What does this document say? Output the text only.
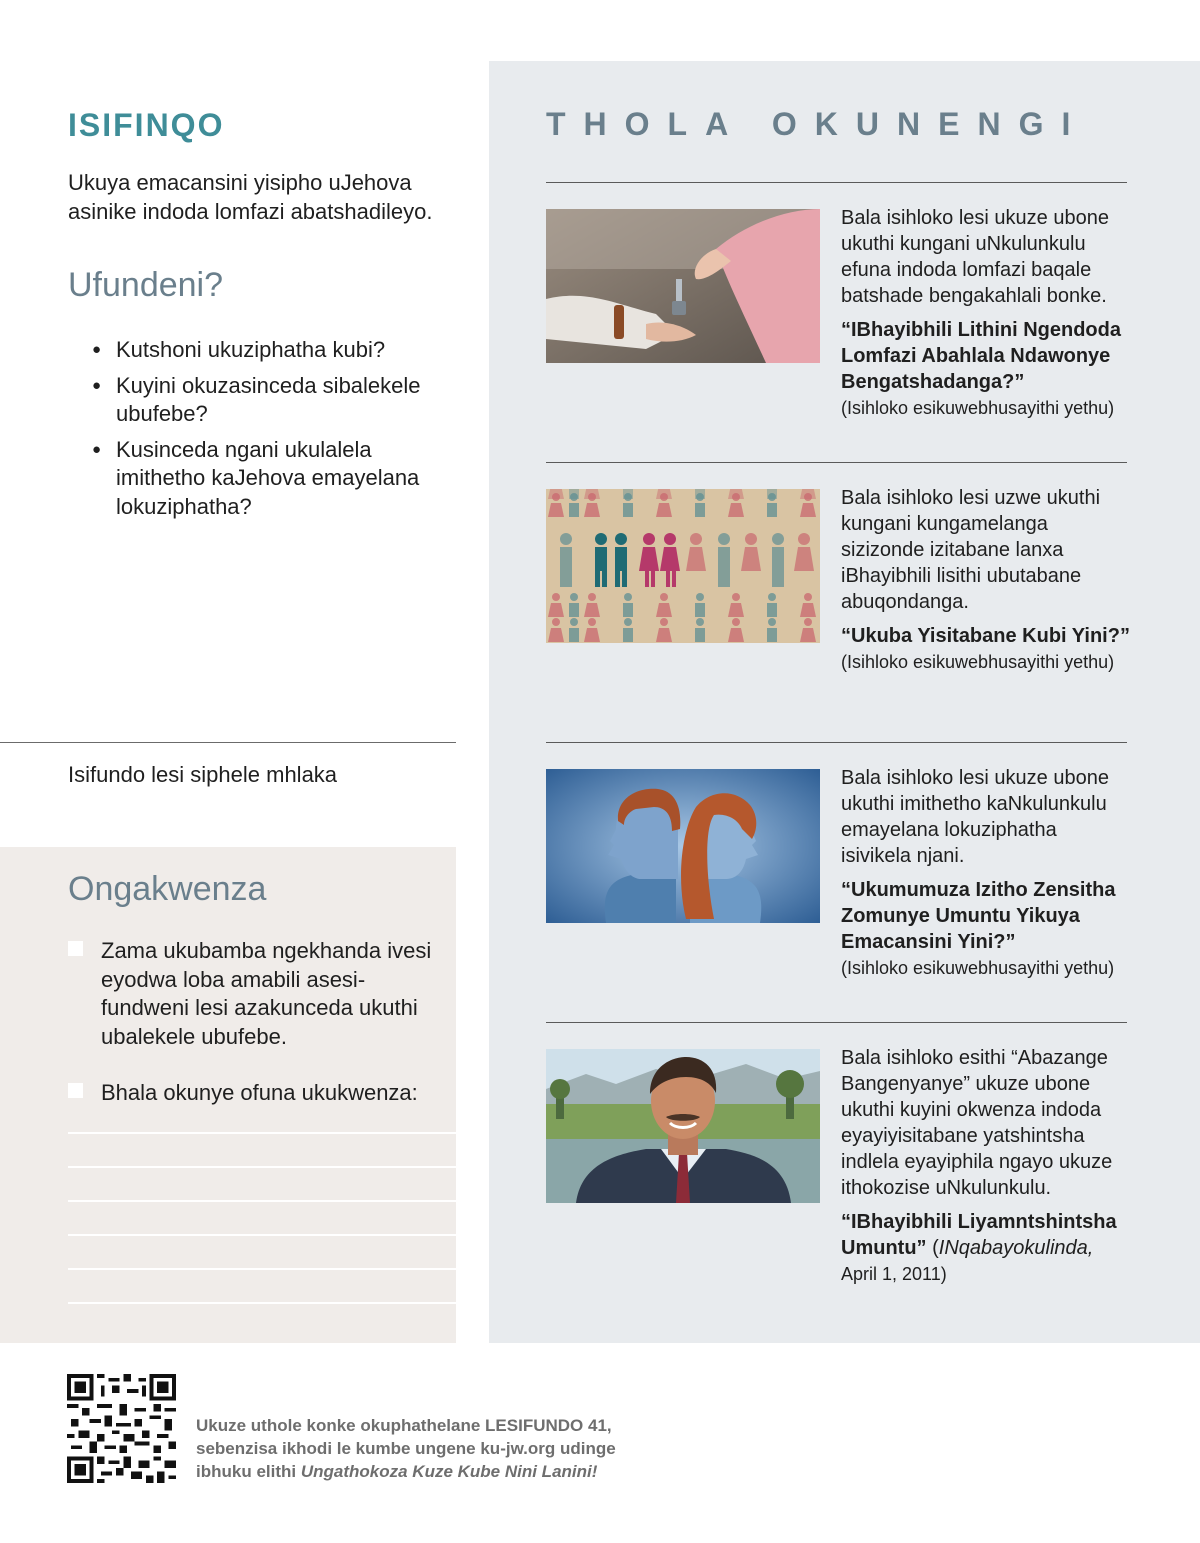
ISIFINQO
Ukuya emacansini yisipho uJehova asinike indoda lomfazi abatshadileyo.
Ufundeni?
● Kutshoni ukuziphatha kubi?
● Kuyini okuzasinceda sibalekele ubufebe?
● Kusinceda ngani ukulalela imithetho kaJehova emayelana lokuziphatha?
Isifundo lesi siphele mhlaka
Ongakwenza
Zama ukubamba ngekhanda ivesi eyodwa loba amabili asesi-fundweni lesi azakunceda ukuthi ubalekele ubufebe.
Bhala okunye ofuna ukukwenza:
THOLA OKUNENGI
Bala isihloko lesi ukuze ubone ukuthi kungani uNkulunkulu efuna indoda lomfazi baqale batshade bengakahlali bonke.
“IBhayibhili Lithini Ngendoda Lomfazi Abahlala Ndawonye Bengatshadanga?”
(Isihloko esikuwebhusayithi yethu)
Bala isihloko lesi uzwe ukuthi kungani kungamelanga sizizonde izitabane lanxa iBhayibhili lisithi ubutabane abuqondanga.
“Ukuba Yisitabane Kubi Yini?”
(Isihloko esikuwebhusayithi yethu)
Bala isihloko lesi ukuze ubone ukuthi imithetho kaNkulunkulu emayelana lokuziphatha isivikela njani.
“Ukumumuza Izitho Zensitha Zomunye Umuntu Yikuya Emacansini Yini?”
(Isihloko esikuwebhusayithi yethu)
Bala isihloko esithi “Abazange Bangenyanye” ukuze ubone ukuthi kuyini okwenza indoda eyayiyisitabane yatshintsha indlela eyayiphila ngayo ukuze ithokozise uNkulunkulu.
“IBhayibhili Liyamntshintsha Umuntu” (INqabayokulinda,
April 1, 2011)
Ukuze uthole konke okuphathelane LESIFUNDO 41,
sebenzisa ikhodi le kumbe ungene ku-jw.org udinge
ibhuku elithi Ungathokoza Kuze Kube Nini Lanini!
